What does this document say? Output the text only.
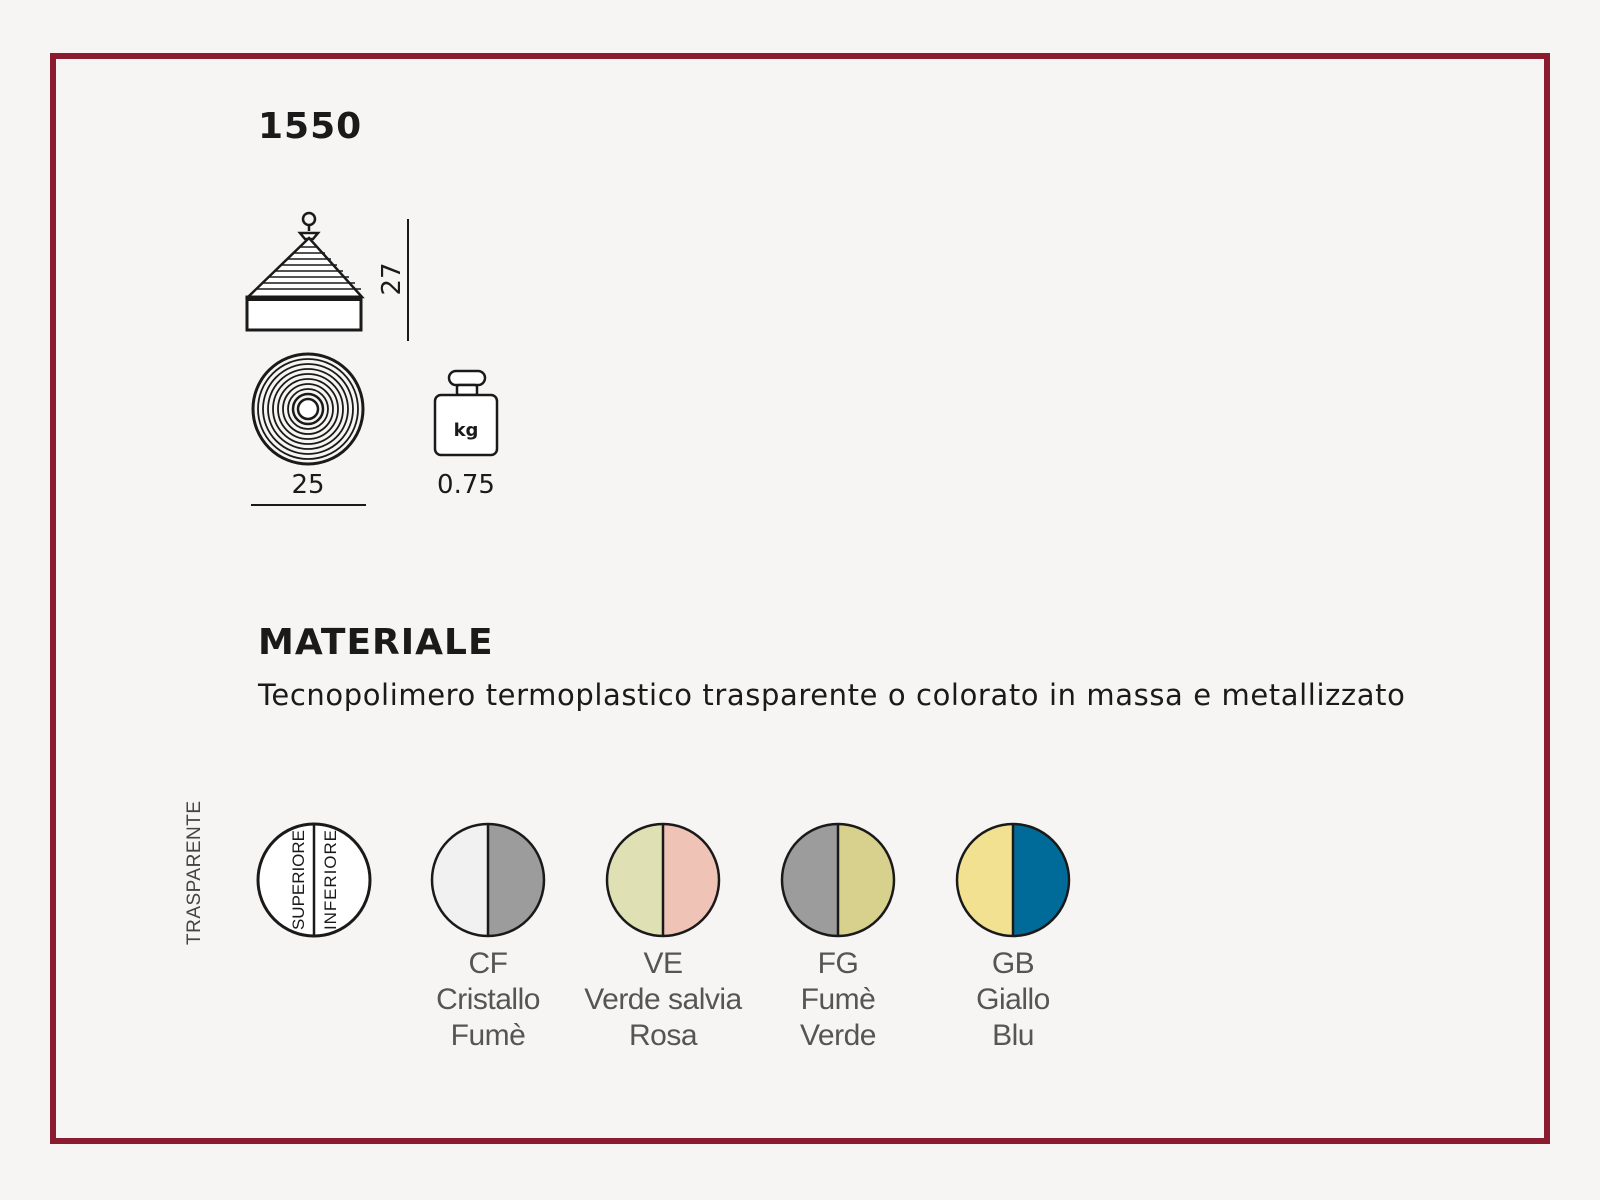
1550
27
25
kg
0.75
MATERIALE
Tecnopolimero termoplastico trasparente o colorato in massa e metallizzato
TRASPARENTE	SUPERIORE
INFERIORE
CF
Cristallo
Fumè
VE
Verde salvia
Rosa
FG
Fumè
Verde
GB
Giallo
Blu
